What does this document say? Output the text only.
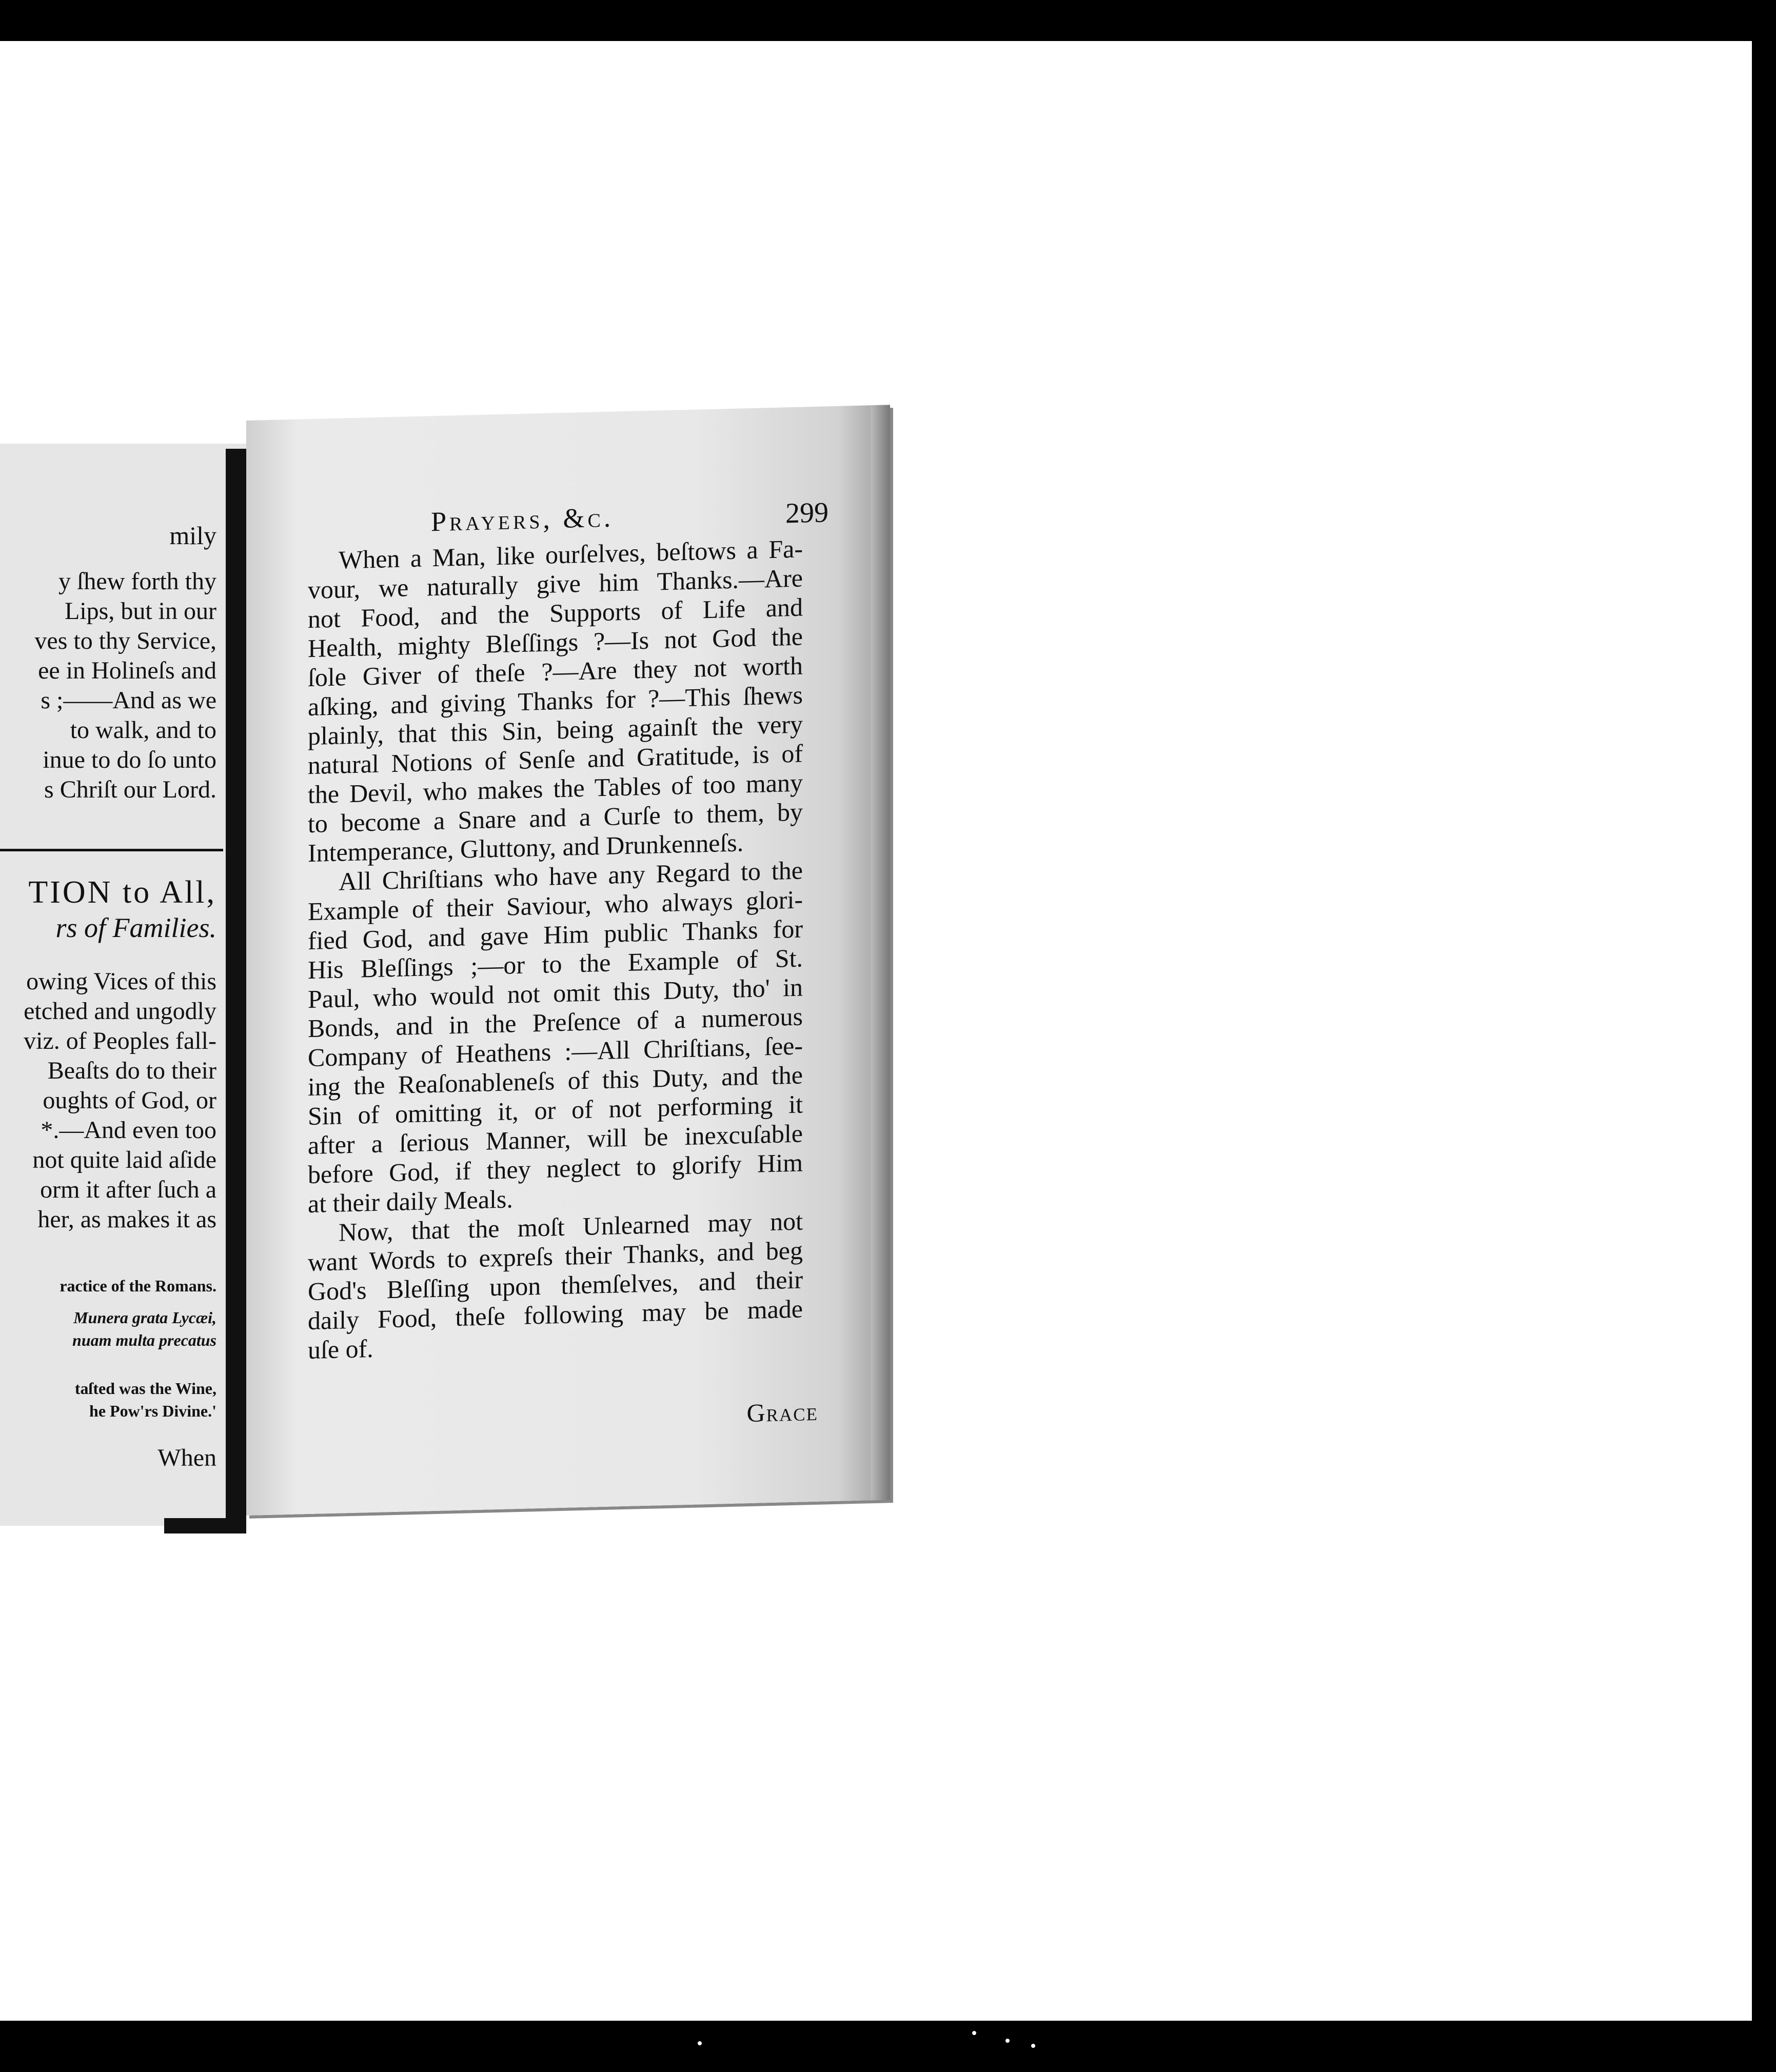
mily
y ſhew forth thy
Lips, but in our
ves to thy Service,
ee in Holineſs and
s ;——And as we
to walk, and to
inue to do ſo unto
s Chriſt our Lord.
TION to All,
rs of Families.
owing Vices of this
etched and ungodly
viz. of Peoples fall-
Beaſts do to their
oughts of God, or
*.—And even too
not quite laid aſide
orm it after ſuch a
her, as makes it as
ractice of the Romans.
Munera grata Lycæi,
nuam multa precatus
taſted was the Wine,
he Pow'rs Divine.'
When
Prayers, &c.	299
When a Man, like ourſelves, beſtows a Fa-
vour, we naturally give him Thanks.—Are
not Food, and the Supports of Life and
Health, mighty Bleſſings ?—Is not God the
ſole Giver of theſe ?—Are they not worth
aſking, and giving Thanks for ?—This ſhews
plainly, that this Sin, being againſt the very
natural Notions of Senſe and Gratitude, is of
the Devil, who makes the Tables of too many
to become a Snare and a Curſe to them, by
Intemperance, Gluttony, and Drunkenneſs.
All Chriſtians who have any Regard to the
Example of their Saviour, who always glori-
fied God, and gave Him public Thanks for
His Bleſſings ;—or to the Example of St.
Paul, who would not omit this Duty, tho' in
Bonds, and in the Preſence of a numerous
Company of Heathens :—All Chriſtians, ſee-
ing the Reaſonableneſs of this Duty, and the
Sin of omitting it, or of not performing it
after a ſerious Manner, will be inexcuſable
before God, if they neglect to glorify Him
at their daily Meals.
Now, that the moſt Unlearned may not
want Words to expreſs their Thanks, and beg
God's Bleſſing upon themſelves, and their
daily Food, theſe following may be made
uſe of.
Grace
